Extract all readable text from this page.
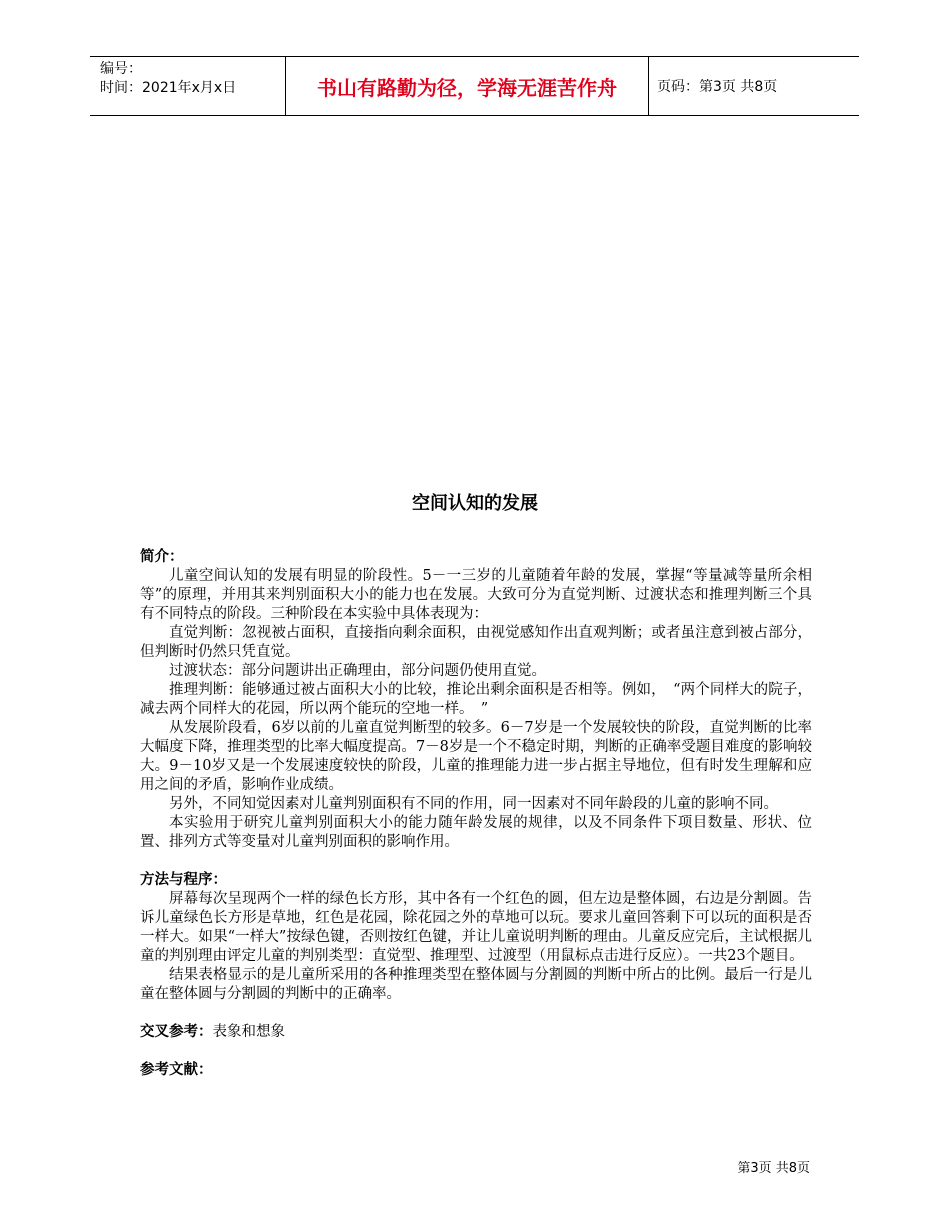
编号：
时间：2021年x月x日	书山有路勤为径，学海无涯苦作舟	页码：第3页 共8页
空间认知的发展
简介：

儿童空间认知的发展有明显的阶段性。5－一三岁的儿童随着年龄的发展，掌握“等量减等量所余相等”的原理，并用其来判别面积大小的能力也在发展。大致可分为直觉判断、过渡状态和推理判断三个具有不同特点的阶段。三种阶段在本实验中具体表现为：

直觉判断：忽视被占面积，直接指向剩余面积，由视觉感知作出直观判断；或者虽注意到被占部分，但判断时仍然只凭直觉。

过渡状态：部分问题讲出正确理由，部分问题仍使用直觉。

推理判断：能够通过被占面积大小的比较，推论出剩余面积是否相等。例如，　“两个同样大的院子，减去两个同样大的花园，所以两个能玩的空地一样。　”

从发展阶段看，6岁以前的儿童直觉判断型的较多。6－7岁是一个发展较快的阶段，直觉判断的比率大幅度下降，推理类型的比率大幅度提高。7－8岁是一个不稳定时期，判断的正确率受题目难度的影响较大。9－10岁又是一个发展速度较快的阶段，儿童的推理能力进一步占据主导地位，但有时发生理解和应用之间的矛盾，影响作业成绩。

另外，不同知觉因素对儿童判别面积有不同的作用，同一因素对不同年龄段的儿童的影响不同。

本实验用于研究儿童判别面积大小的能力随年龄发展的规律，以及不同条件下项目数量、形状、位置、排列方式等变量对儿童判别面积的影响作用。

方法与程序：

屏幕每次呈现两个一样的绿色长方形，其中各有一个红色的圆，但左边是整体圆，右边是分割圆。告诉儿童绿色长方形是草地，红色是花园，除花园之外的草地可以玩。要求儿童回答剩下可以玩的面积是否一样大。如果“一样大”按绿色键，否则按红色键，并让儿童说明判断的理由。儿童反应完后，主试根据儿童的判别理由评定儿童的判别类型：直觉型、推理型、过渡型（用鼠标点击进行反应）。一共23个题目。

结果表格显示的是儿童所采用的各种推理类型在整体圆与分割圆的判断中所占的比例。最后一行是儿童在整体圆与分割圆的判断中的正确率。

交叉参考：表象和想象
参考文献：
第3页 共8页
